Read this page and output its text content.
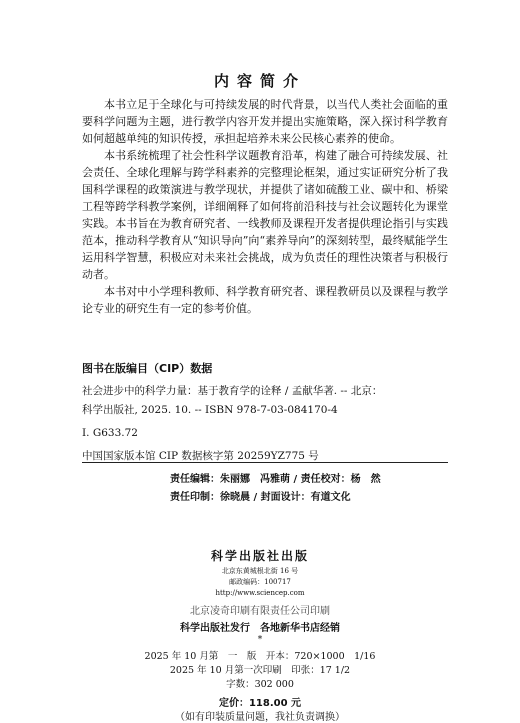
内容简介

本书立足于全球化与可持续发展的时代背景，以当代人类社会面临的重要科学问题为主题，进行教学内容开发并提出实施策略，深入探讨科学教育如何超越单纯的知识传授，承担起培养未来公民核心素养的使命。

本书系统梳理了社会性科学议题教育沿革，构建了融合可持续发展、社会责任、全球化理解与跨学科素养的完整理论框架，通过实证研究分析了我国科学课程的政策演进与教学现状，并提供了诸如硫酸工业、碳中和、桥梁工程等跨学科教学案例，详细阐释了如何将前沿科技与社会议题转化为课堂实践。本书旨在为教育研究者、一线教师及课程开发者提供理论指引与实践范本，推动科学教育从“知识导向”向“素养导向”的深刻转型，最终赋能学生运用科学智慧，积极应对未来社会挑战，成为负责任的理性决策者与积极行动者。

本书对中小学理科教师、科学教育研究者、课程教研员以及课程与教学论专业的研究生有一定的参考价值。

图书在版编目（CIP）数据
社会进步中的科学力量：基于教育学的诠释 / 孟献华著. -- 北京：
科学出版社, 2025. 10. -- ISBN 978-7-03-084170-4
Ⅰ. G633.72
中国国家版本馆 CIP 数据核字第 20259YZ775 号
责任编辑：朱丽娜　冯雅萌 / 责任校对：杨　然
责任印制：徐晓晨 / 封面设计：有道文化
科学出版社出版
北京东黄城根北街 16 号
邮政编码：100717
http://www.sciencep.com
北京凌奇印刷有限责任公司印刷
科学出版社发行　各地新华书店经销
*
2025 年 10 月第　一　版　开本：720×1000　1/16
2025 年 10 月第一次印刷　印张：17 1/2
字数：302 000
定价：118.00 元
（如有印装质量问题，我社负责调换）
